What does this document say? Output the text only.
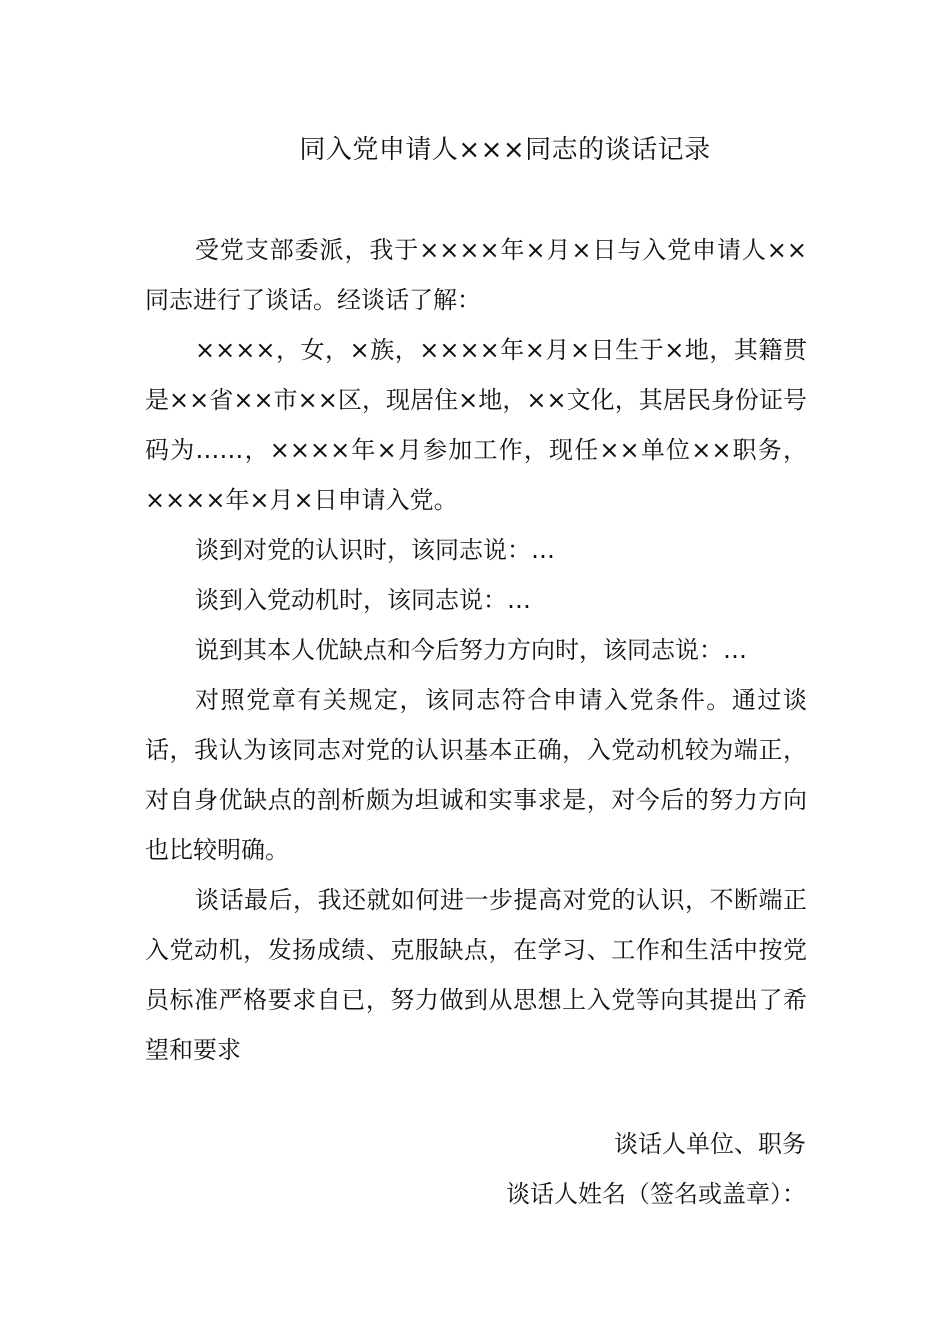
同入党申请人×××同志的谈话记录

受党支部委派，我于××××年×月×日与入党申请人××同志进行了谈话。经谈话了解：

××××，女，×族，××××年×月×日生于×地，其籍贯是××省××市××区，现居住×地，××文化，其居民身份证号码为……，××××年×月参加工作，现任××单位××职务，××××年×月×日申请入党。

谈到对党的认识时，该同志说：…

谈到入党动机时，该同志说：…

说到其本人优缺点和今后努力方向时，该同志说：…

对照党章有关规定，该同志符合申请入党条件。通过谈话，我认为该同志对党的认识基本正确，入党动机较为端正，对自身优缺点的剖析颇为坦诚和实事求是，对今后的努力方向也比较明确。

谈话最后，我还就如何进一步提高对党的认识，不断端正入党动机，发扬成绩、克服缺点，在学习、工作和生活中按党员标准严格要求自已，努力做到从思想上入党等向其提出了希望和要求

谈话人单位、职务
谈话人姓名（签名或盖章）：
